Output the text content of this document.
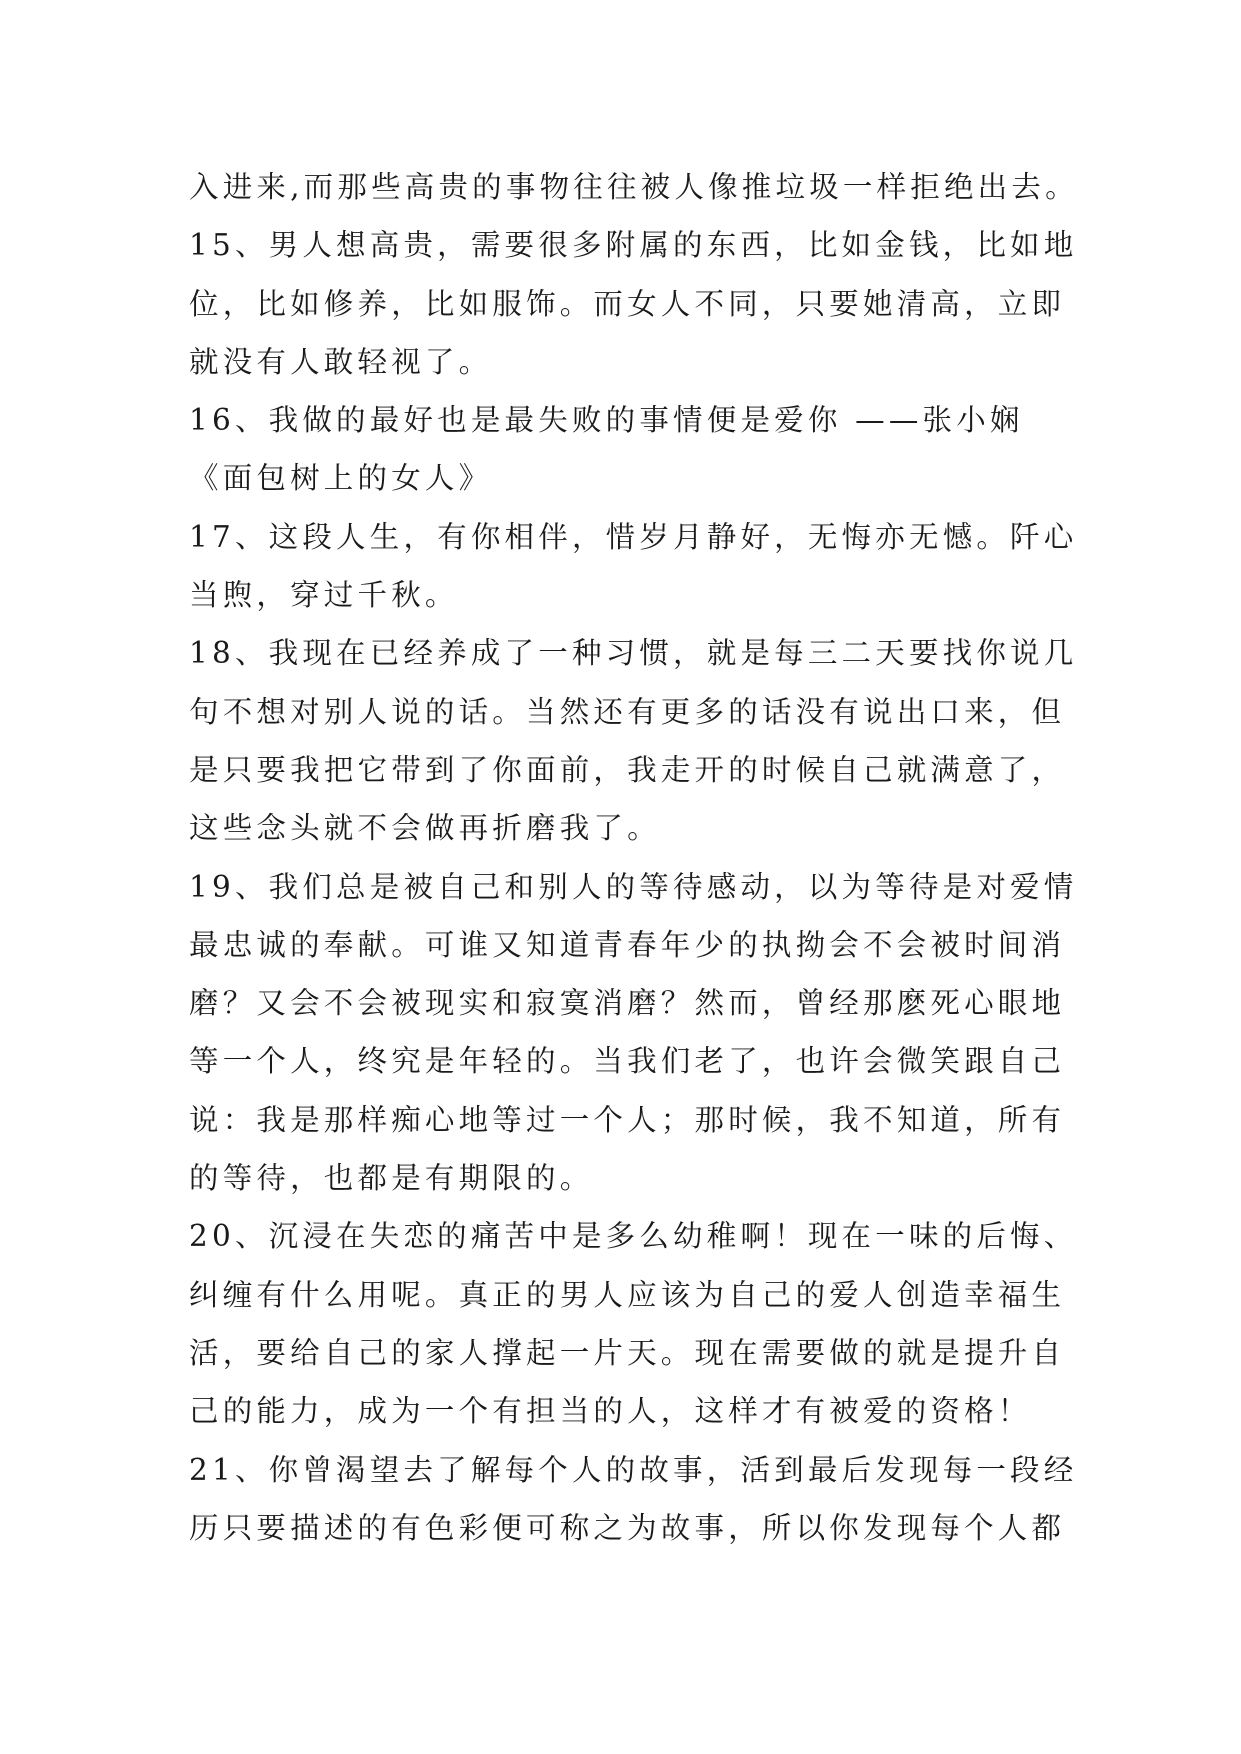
入进来,而那些高贵的事物往往被人像推垃圾一样拒绝出去。
15、男人想高贵，需要很多附属的东西，比如金钱，比如地
位，比如修养，比如服饰。而女人不同，只要她清高，立即
就没有人敢轻视了。
16、我做的最好也是最失败的事情便是爱你 ——张小娴
《面包树上的女人》
17、这段人生，有你相伴，惜岁月静好，无悔亦无憾。阡心
当煦，穿过千秋。
18、我现在已经养成了一种习惯，就是每三二天要找你说几
句不想对别人说的话。当然还有更多的话没有说出口来，但
是只要我把它带到了你面前，我走开的时候自己就满意了，
这些念头就不会做再折磨我了。
19、我们总是被自己和别人的等待感动，以为等待是对爱情
最忠诚的奉献。可谁又知道青春年少的执拗会不会被时间消
磨？又会不会被现实和寂寞消磨？然而，曾经那麽死心眼地
等一个人，终究是年轻的。当我们老了，也许会微笑跟自己
说：我是那样痴心地等过一个人；那时候，我不知道，所有
的等待，也都是有期限的。
20、沉浸在失恋的痛苦中是多么幼稚啊！现在一味的后悔、
纠缠有什么用呢。真正的男人应该为自己的爱人创造幸福生
活，要给自己的家人撑起一片天。现在需要做的就是提升自
己的能力，成为一个有担当的人，这样才有被爱的资格！
21、你曾渴望去了解每个人的故事，活到最后发现每一段经
历只要描述的有色彩便可称之为故事，所以你发现每个人都
